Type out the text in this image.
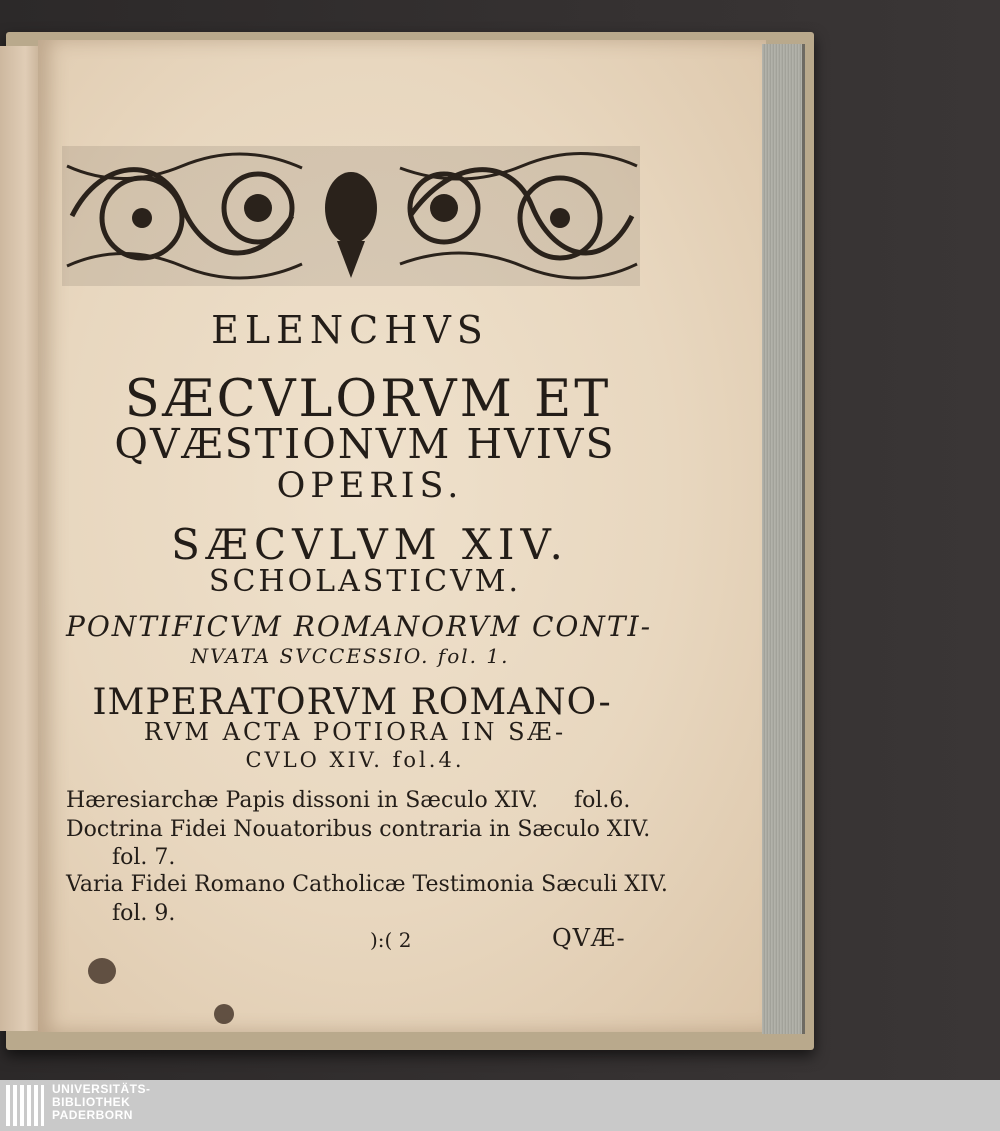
ELENCHVS
SÆCVLORVM ET
QVÆSTIONVM HVIVS
OPERIS.
SÆCVLVM XIV.
SCHOLASTICVM.
PONTIFICVM ROMANORVM CONTI-
NVATA SVCCESSIO. fol. 1.
IMPERATORVM ROMANO-
RVM ACTA POTIORA IN SÆ-
CVLO XIV. fol.4.
Hæresiarchæ Papis dissoni in Sæculo XIV. fol.6.
Doctrina Fidei Nouatoribus contraria in Sæculo XIV.
fol. 7.
Varia Fidei Romano Catholicæ Testimonia Sæculi XIV.
fol. 9.
):( 2	QVÆ-
UNIVERSITÄTS-
BIBLIOTHEK
PADERBORN
